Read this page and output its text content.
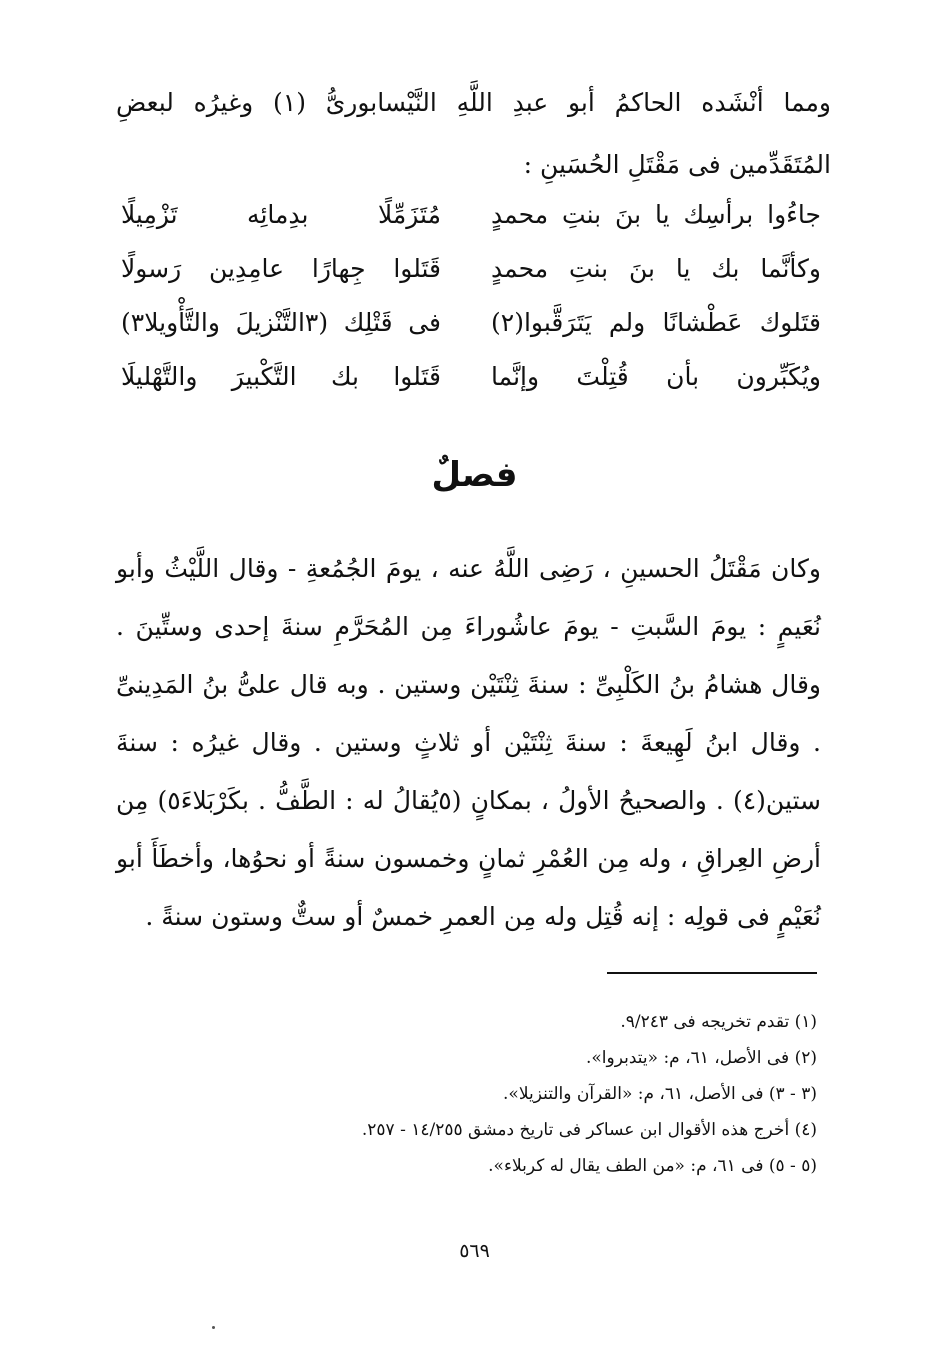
ومما أنْشَده الحاكمُ أبو عبدِ اللَّهِ النَّيْسابورىُّ (١) وغيرُه لبعضِ المُتَقَدِّمين فى مَقْتَلِ الحُسَينِ :

جاءُوا برأسِك يا بنَ بنتِ محمدٍ
مُتَزَمِّلًا بدِمائِه تَزْمِيلًا
وكأنَّما بك يا بنَ بنتِ محمدٍ
قَتَلوا جِهارًا عامِدِين رَسولًا
قتَلوك عَطْشانًا ولم يَتَرَقَّبوا(٢)
فى قَتْلِك (٣التَّنْزيلَ والتَّأْويلا٣)
ويُكَبِّرون بأن قُتِلْتَ وإنَّما
قَتَلوا بك التَّكْبيرَ والتَّهْليلَا
فصلٌ

وكان مَقْتَلُ الحسينِ ، رَضِى اللَّهُ عنه ، يومَ الجُمُعةِ - وقال اللَّيْثُ وأبو نُعَيمٍ : يومَ السَّبتِ - يومَ عاشُوراءَ مِن المُحَرَّمِ سنةَ إحدى وستِّينَ . وقال هشامُ بنُ الكَلْبِىِّ : سنةَ ثِنْتَيْن وستين . وبه قال علىُّ بنُ المَدِينىِّ . وقال ابنُ لَهِيعةَ : سنةَ ثِنْتَيْن أو ثلاثٍ وستين . وقال غيرُه : سنةَ ستين(٤) . والصحيحُ الأولُ ، بمكانٍ (٥يُقالُ له : الطَّفُّ . بكَرْبَلاءَ٥) مِن أرضِ العِراقِ ، وله مِن العُمْرِ ثمانٍ وخمسون سنةً أو نحوُها، وأخطَأَ أبو نُعَيْمٍ فى قولِه : إنه قُتِل وله مِن العمرِ خمسٌ أو ستٌّ وستون سنةً .

(١) تقدم تخريجه فى ٩/٢٤٣.
(٢) فى الأصل، ٦١، م: «يتدبروا».
(٣ - ٣) فى الأصل، ٦١، م: «القرآن والتنزيلا».
(٤) أخرج هذه الأقوال ابن عساكر فى تاريخ دمشق ١٤/٢٥٥ - ٢٥٧.
(٥ - ٥) فى ٦١، م: «من الطف يقال له كربلاء».
٥٦٩
